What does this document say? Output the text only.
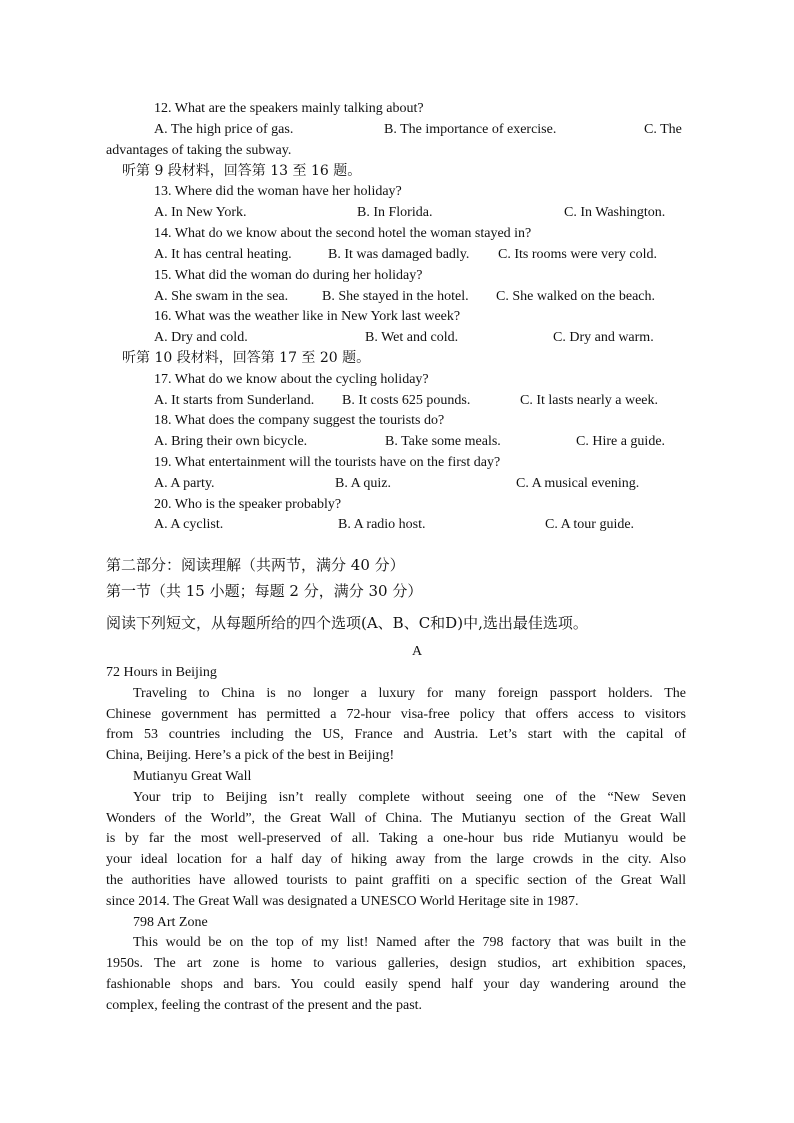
12. What are the speakers mainly talking about?
A. The high price of gas.	B. The importance of exercise.	C. The
advantages of taking the subway.
听第 9 段材料，回答第 13 至 16 题。
13. Where did the woman have her holiday?
A. In New York.	B. In Florida.	C. In Washington.
14. What do we know about the second hotel the woman stayed in?
A. It has central heating.	B. It was damaged badly. C. Its rooms were very cold.
15. What did the woman do during her holiday?
A. She swam in the sea. B. She stayed in the hotel. C. She walked on the beach.
16. What was the weather like in New York last week?
A. Dry and cold.	B. Wet and cold.	C. Dry and warm.
听第 10 段材料，回答第 17 至 20 题。
17. What do we know about the cycling holiday?
A. It starts from Sunderland. B. It costs 625 pounds.	C. It lasts nearly a week.
18. What does the company suggest the tourists do?
A. Bring their own bicycle.	B. Take some meals.	C. Hire a guide.
19. What entertainment will the tourists have on the first day?
A. A party.	B. A quiz.	C. A musical evening.
20. Who is the speaker probably?
A. A cyclist.	B. A radio host.	C. A tour guide.
第二部分：阅读理解（共两节，满分 40 分）
第一节（共 15 小题；每题 2 分，满分 30 分）
阅读下列短文，从每题所给的四个选项(A、B、C和D)中,选出最佳选项。
A
72 Hours in Beijing
Traveling to China is no longer a luxury for many foreign passport holders. The
Chinese government has permitted a 72-hour visa-free policy that offers access to visitors
from 53 countries including the US, France and Austria. Let’s start with the capital of
China, Beijing. Here’s a pick of the best in Beijing!
Mutianyu Great Wall
Your trip to Beijing isn’t really complete without seeing one of the “New Seven
Wonders of the World”, the Great Wall of China. The Mutianyu section of the Great Wall
is by far the most well-preserved of all. Taking a one-hour bus ride Mutianyu would be
your ideal location for a half day of hiking away from the large crowds in the city. Also
the authorities have allowed tourists to paint graffiti on a specific section of the Great Wall
since 2014. The Great Wall was designated a UNESCO World Heritage site in 1987.
798 Art Zone
This would be on the top of my list! Named after the 798 factory that was built in the
1950s. The art zone is home to various galleries, design studios, art exhibition spaces,
fashionable shops and bars. You could easily spend half your day wandering around the
complex, feeling the contrast of the present and the past.
